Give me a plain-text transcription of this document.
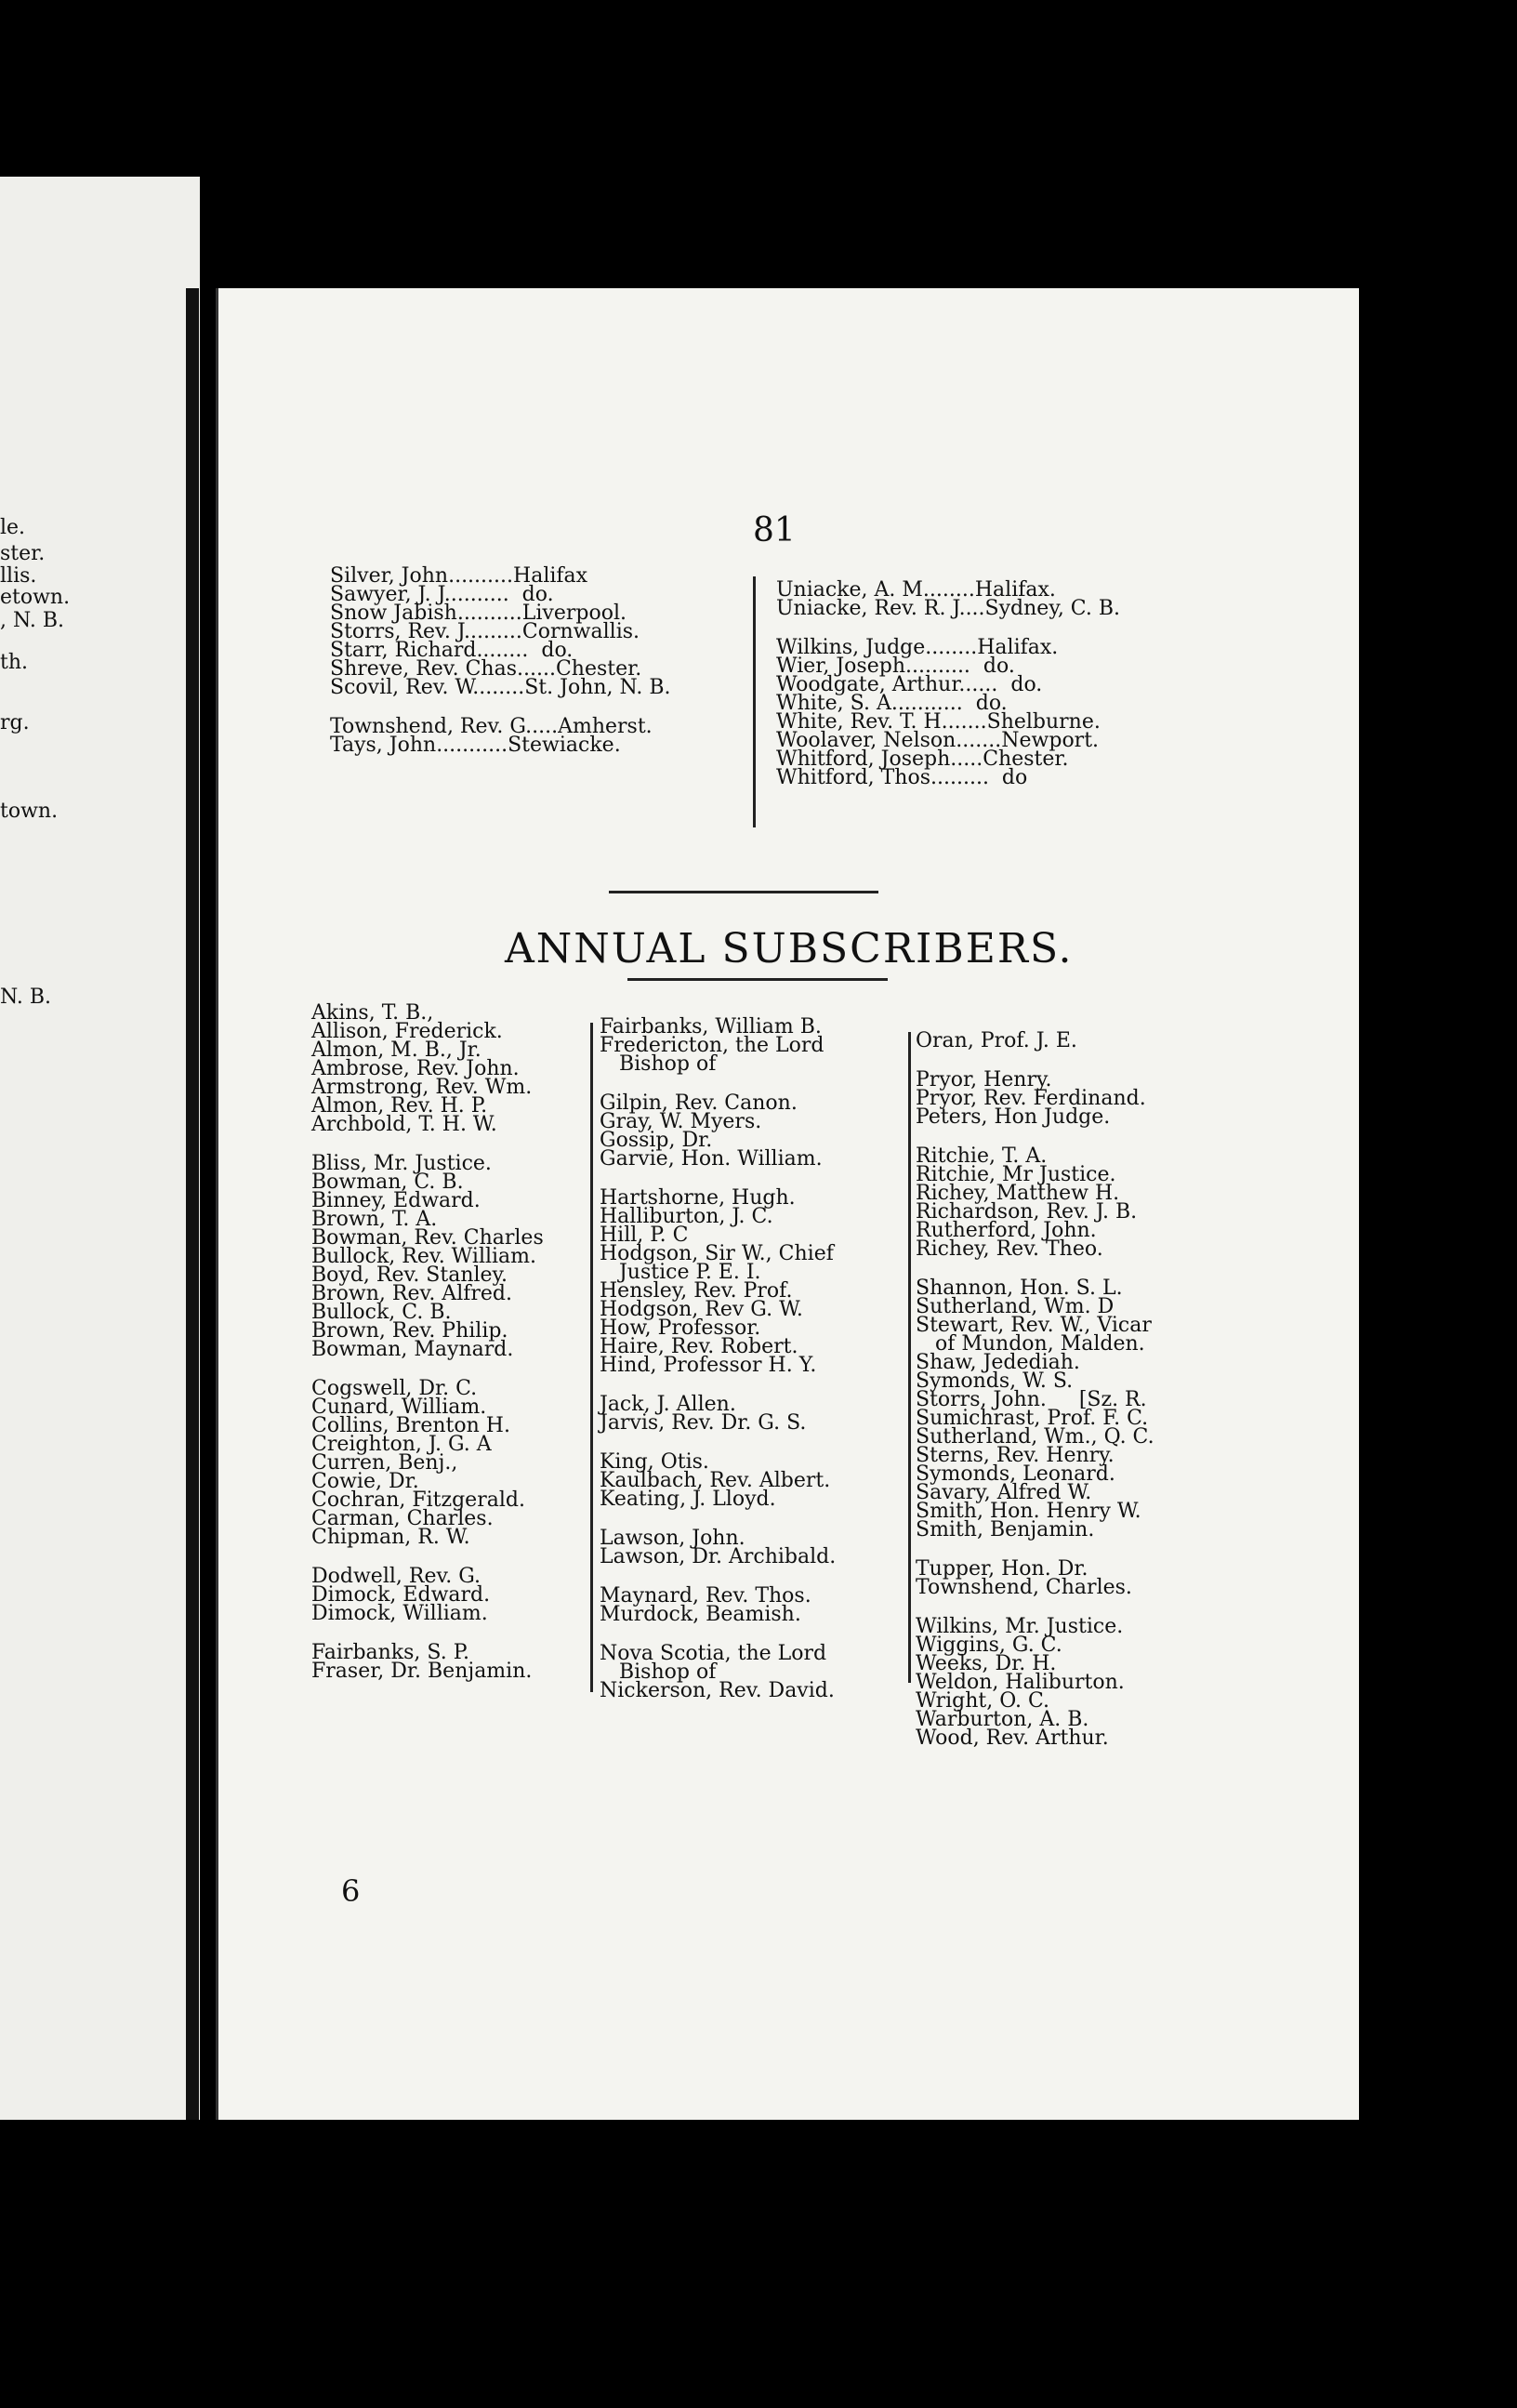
le.
ster.
llis.
etown.
, N. B.
th.
rg.
town.
N. B.
81
Silver, John..........Halifax
Sawyer, J. J..........  do.
Snow Jabish..........Liverpool.
Storrs, Rev. J.........Cornwallis.
Starr, Richard........  do.
Shreve, Rev. Chas......Chester.
Scovil, Rev. W........St. John, N. B.
Townshend, Rev. G.....Amherst.
Tays, John...........Stewiacke.
Uniacke, A. M........Halifax.
Uniacke, Rev. R. J....Sydney, C. B.
Wilkins, Judge........Halifax.
Wier, Joseph..........  do.
Woodgate, Arthur......  do.
White, S. A...........  do.
White, Rev. T. H.......Shelburne.
Woolaver, Nelson.......Newport.
Whitford, Joseph.....Chester.
Whitford, Thos.........  do
ANNUAL SUBSCRIBERS.
Akins, T. B.,
Allison, Frederick.
Almon, M. B., Jr.
Ambrose, Rev. John.
Armstrong, Rev. Wm.
Almon, Rev. H. P.
Archbold, T. H. W.
Bliss, Mr. Justice.
Bowman, C. B.
Binney, Edward.
Brown, T. A.
Bowman, Rev. Charles
Bullock, Rev. William.
Boyd, Rev. Stanley.
Brown, Rev. Alfred.
Bullock, C. B.
Brown, Rev. Philip.
Bowman, Maynard.
Cogswell, Dr. C.
Cunard, William.
Collins, Brenton H.
Creighton, J. G. A
Curren, Benj.,
Cowie, Dr.
Cochran, Fitzgerald.
Carman, Charles.
Chipman, R. W.
Dodwell, Rev. G.
Dimock, Edward.
Dimock, William.
Fairbanks, S. P.
Fraser, Dr. Benjamin.
Fairbanks, William B.
Fredericton, the Lord
Bishop of
Gilpin, Rev. Canon.
Gray, W. Myers.
Gossip, Dr.
Garvie, Hon. William.
Hartshorne, Hugh.
Halliburton, J. C.
Hill, P. C
Hodgson, Sir W., Chief
Justice P. E. I.
Hensley, Rev. Prof.
Hodgson, Rev G. W.
How, Professor.
Haire, Rev. Robert.
Hind, Professor H. Y.
Jack, J. Allen.
Jarvis, Rev. Dr. G. S.
King, Otis.
Kaulbach, Rev. Albert.
Keating, J. Lloyd.
Lawson, John.
Lawson, Dr. Archibald.
Maynard, Rev. Thos.
Murdock, Beamish.
Nova Scotia, the Lord
Bishop of
Nickerson, Rev. David.
Oran, Prof. J. E.
Pryor, Henry.
Pryor, Rev. Ferdinand.
Peters, Hon Judge.
Ritchie, T. A.
Ritchie, Mr Justice.
Richey, Matthew H.
Richardson, Rev. J. B.
Rutherford, John.
Richey, Rev. Theo.
Shannon, Hon. S. L.
Sutherland, Wm. D
Stewart, Rev. W., Vicar
of Mundon, Malden.
Shaw, Jedediah.
Symonds, W. S.
Storrs, John.     [Sz. R.
Sumichrast, Prof. F. C.
Sutherland, Wm., Q. C.
Sterns, Rev. Henry.
Symonds, Leonard.
Savary, Alfred W.
Smith, Hon. Henry W.
Smith, Benjamin.
Tupper, Hon. Dr.
Townshend, Charles.
Wilkins, Mr. Justice.
Wiggins, G. C.
Weeks, Dr. H.
Weldon, Haliburton.
Wright, O. C.
Warburton, A. B.
Wood, Rev. Arthur.
6
